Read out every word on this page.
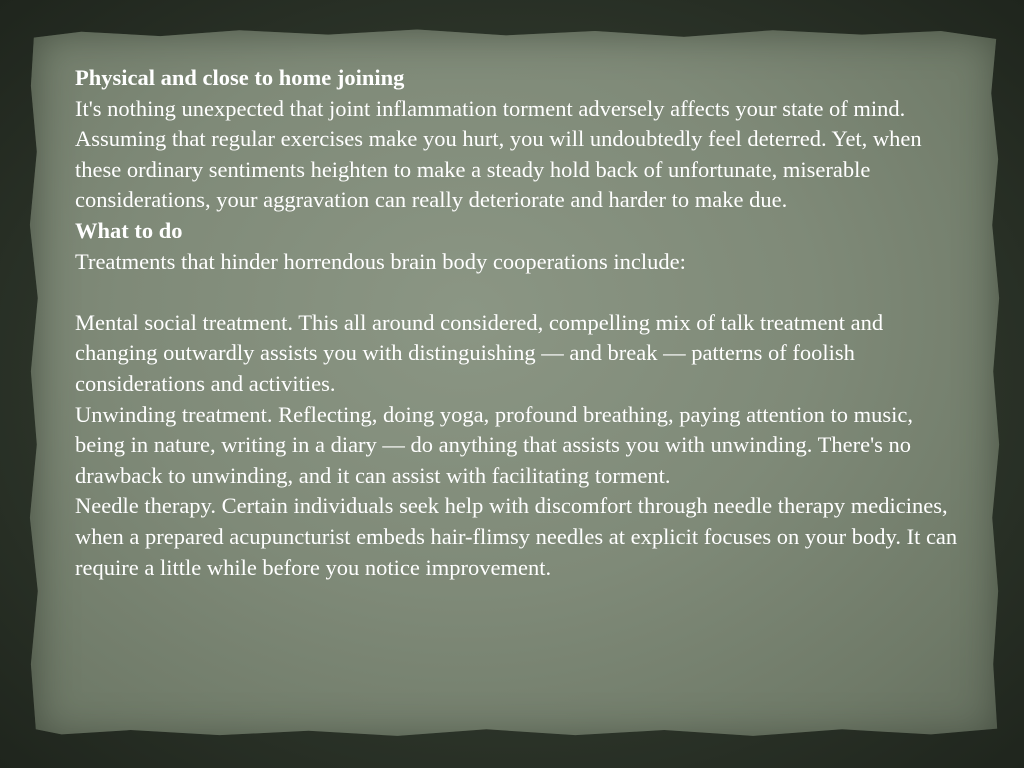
Physical and close to home joining

It's nothing unexpected that joint inflammation torment adversely affects your state of mind. Assuming that regular exercises make you hurt, you will undoubtedly feel deterred. Yet, when these ordinary sentiments heighten to make a steady hold back of unfortunate, miserable considerations, your aggravation can really deteriorate and harder to make due.

What to do

Treatments that hinder horrendous brain body cooperations include:

Mental social treatment. This all around considered, compelling mix of talk treatment and changing outwardly assists you with distinguishing — and break — patterns of foolish considerations and activities.

Unwinding treatment. Reflecting, doing yoga, profound breathing, paying attention to music, being in nature, writing in a diary — do anything that assists you with unwinding. There's no drawback to unwinding, and it can assist with facilitating torment.

Needle therapy. Certain individuals seek help with discomfort through needle therapy medicines, when a prepared acupuncturist embeds hair-flimsy needles at explicit focuses on your body. It can require a little while before you notice improvement.
